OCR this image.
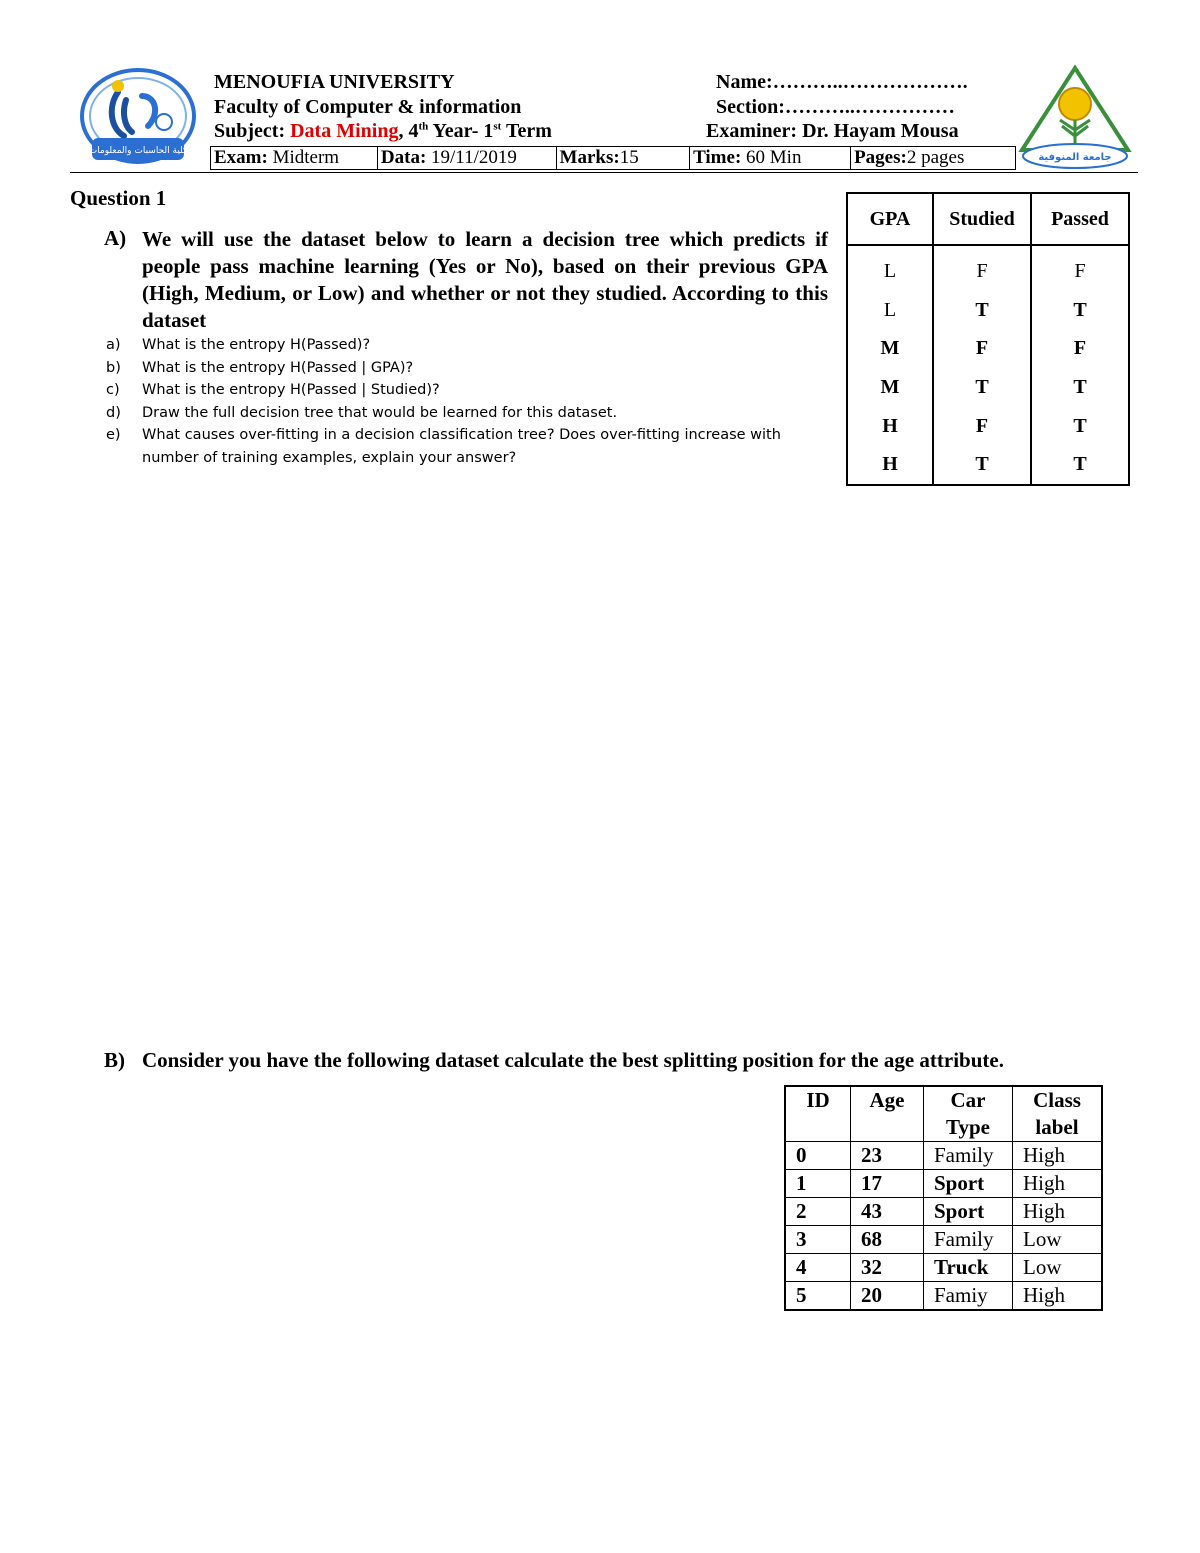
كلية الحاسبات والمعلومات
MENOUFIA UNIVERSITY
Faculty of Computer & information
Subject: Data Mining, 4th Year- 1st Term
Name:………..……………….
Section:………..……………
Examiner: Dr. Hayam Mousa
جامعة المنوفية
Exam: Midterm	Data: 19/11/2019	Marks:15	Time: 60 Min	Pages:2 pages
Question 1
A) We will use the dataset below to learn a decision tree which predicts if people pass machine learning (Yes or No), based on their previous GPA (High, Medium, or Low) and whether or not they studied. According to this dataset
a) What is the entropy H(Passed)?
b) What is the entropy H(Passed | GPA)?
c) What is the entropy H(Passed | Studied)?
d) Draw the full decision tree that would be learned for this dataset.
e) What causes over-fitting in a decision classification tree? Does over-fitting increase with number of training examples, explain your answer?
GPA	Studied	Passed
L	F	F
L	T	T
M	F	F
M	T	T
H	F	T
H	T	T
B) Consider you have the following dataset calculate the best splitting position for the age attribute.
ID	Age	Car Type	Class label
0	23	Family	High
1	17	Sport	High
2	43	Sport	High
3	68	Family	Low
4	32	Truck	Low
5	20	Famiy	High
